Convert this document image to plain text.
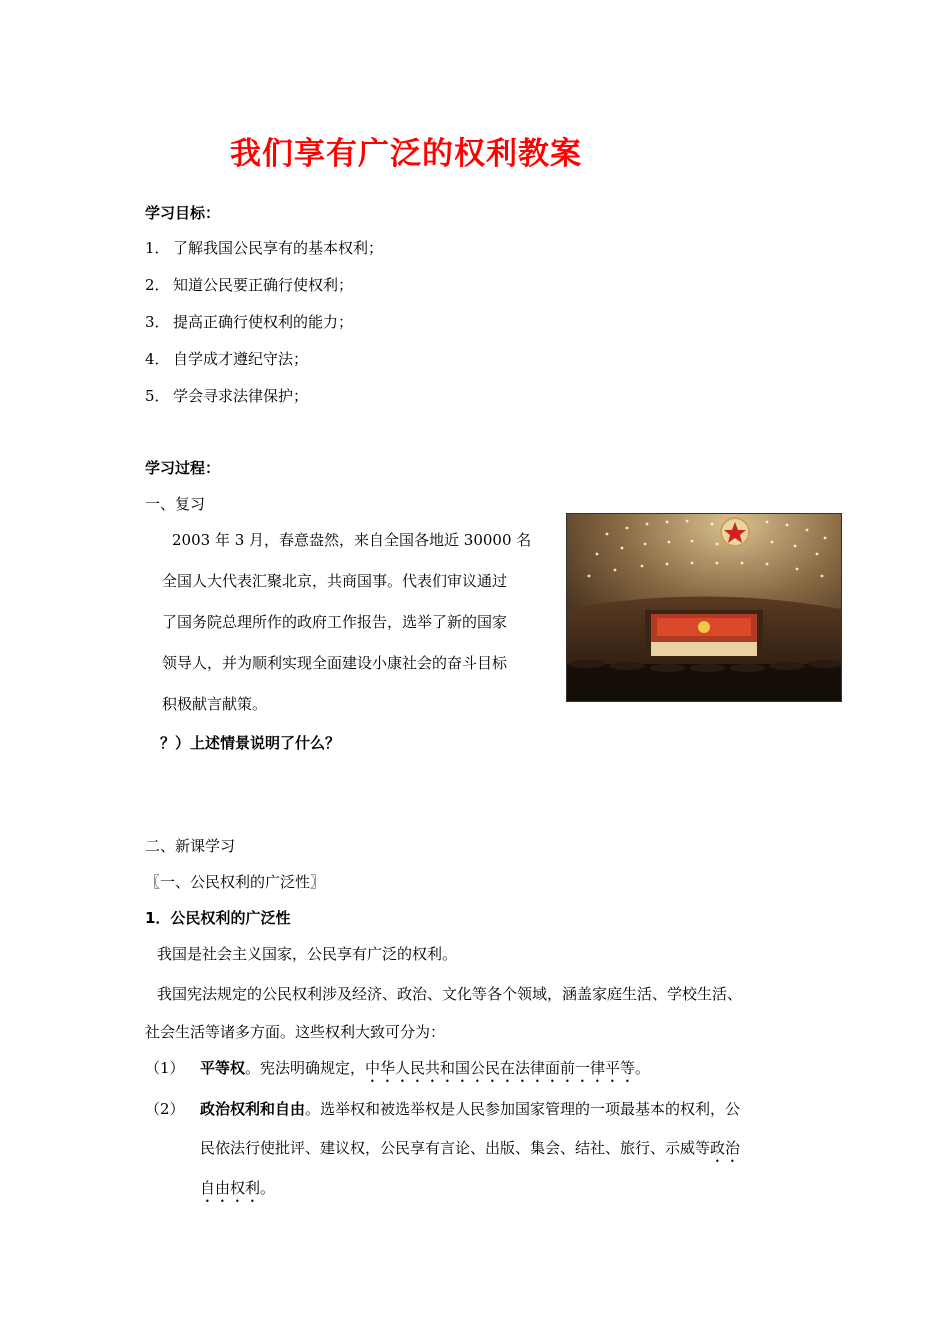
我们享有广泛的权利教案
学习目标：
1． 了解我国公民享有的基本权利；
2． 知道公民要正确行使权利；
3． 提高正确行使权利的能力；
4． 自学成才遵纪守法；
5． 学会寻求法律保护；
学习过程：
一、复习
2003 年 3 月，春意盎然，来自全国各地近 30000 名
全国人大代表汇聚北京，共商国事。代表们审议通过
了国务院总理所作的政府工作报告，选举了新的国家
领导人，并为顺利实现全面建设小康社会的奋斗目标
积极献言献策。
？）上述情景说明了什么？
二、新课学习
〖一、公民权利的广泛性〗
1．公民权利的广泛性
我国是社会主义国家，公民享有广泛的权利。
我国宪法规定的公民权利涉及经济、政治、文化等各个领域，涵盖家庭生活、学校生活、
社会生活等诸多方面。这些权利大致可分为：
（1） 平等权。宪法明确规定，中华人民共和国公民在法律面前一律平等。
（2） 政治权利和自由。选举权和被选举权是人民参加国家管理的一项最基本的权利，公
民依法行使批评、建议权，公民享有言论、出版、集会、结社、旅行、示威等政治
自由权利。
